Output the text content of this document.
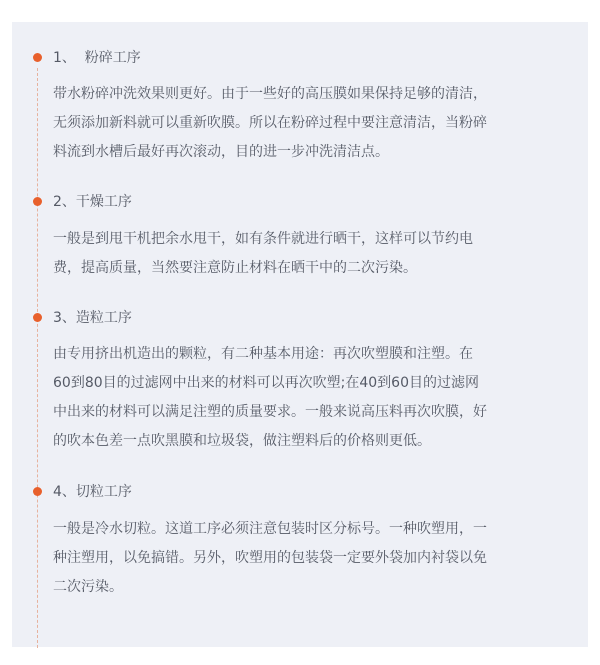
1、  粉碎工序

带水粉碎冲洗效果则更好。由于一些好的高压膜如果保持足够的清洁，

无须添加新料就可以重新吹膜。所以在粉碎过程中要注意清洁，当粉碎

料流到水槽后最好再次滚动，目的进一步冲洗清洁点。

2、干燥工序

一般是到甩干机把余水甩干，如有条件就进行晒干，这样可以节约电

费，提高质量，当然要注意防止材料在晒干中的二次污染。

3、造粒工序

由专用挤出机造出的颗粒，有二种基本用途：再次吹塑膜和注塑。在

60到80目的过滤网中出来的材料可以再次吹塑;在40到60目的过滤网

中出来的材料可以满足注塑的质量要求。一般来说高压料再次吹膜，好

的吹本色差一点吹黑膜和垃圾袋，做注塑料后的价格则更低。

4、切粒工序

一般是冷水切粒。这道工序必须注意包装时区分标号。一种吹塑用，一

种注塑用，以免搞错。另外，吹塑用的包装袋一定要外袋加内衬袋以免

二次污染。
